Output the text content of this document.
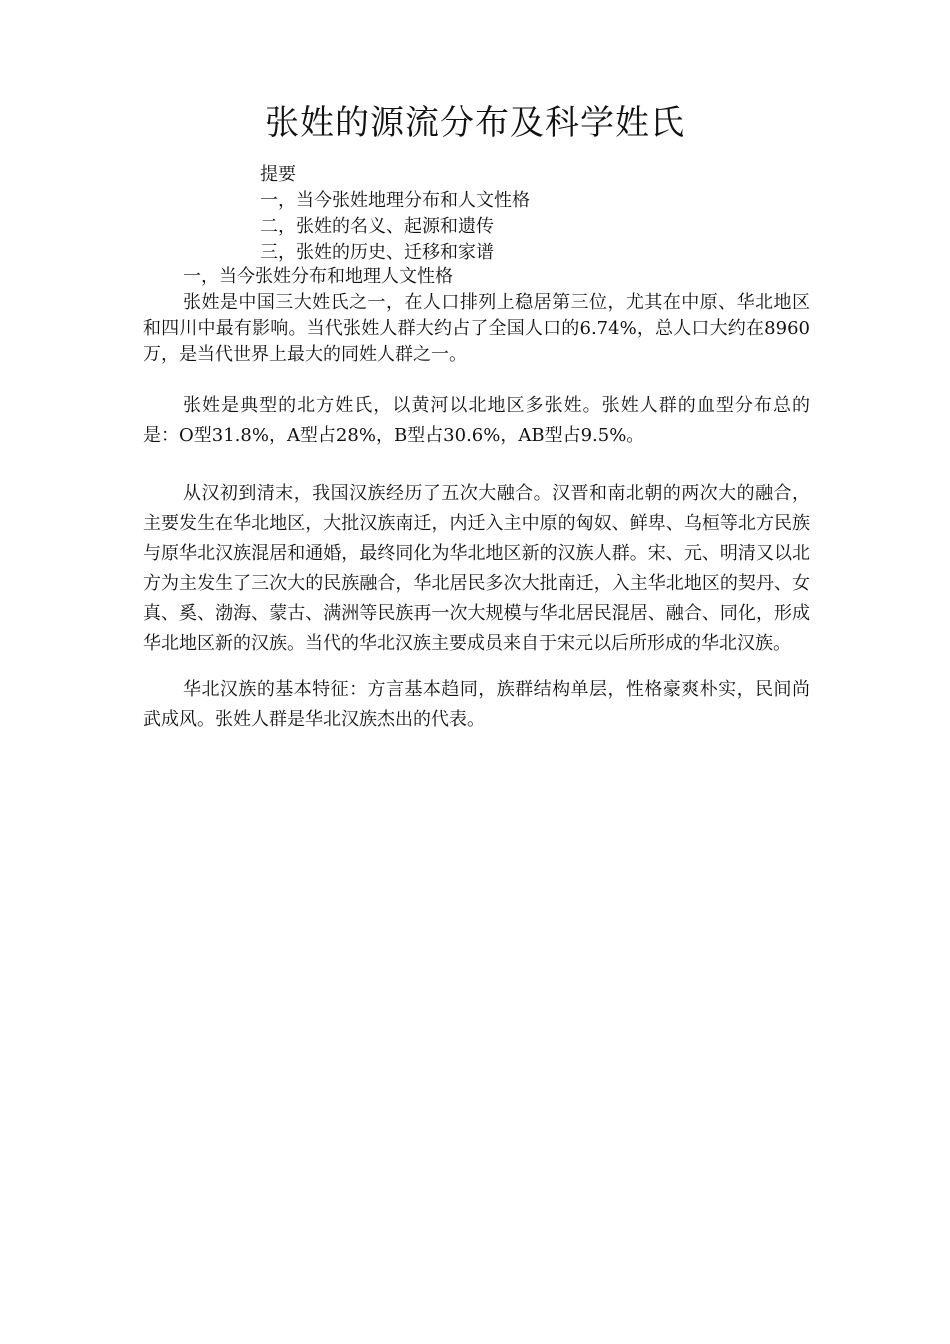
张姓的源流分布及科学姓氏
提要
一，当今张姓地理分布和人文性格
二，张姓的名义、起源和遗传
三，张姓的历史、迁移和家谱
一，当今张姓分布和地理人文性格

张姓是中国三大姓氏之一，在人口排列上稳居第三位，尤其在中原、华北地区和四川中最有影响。当代张姓人群大约占了全国人口的6.74%，总人口大约在8960万，是当代世界上最大的同姓人群之一。

张姓是典型的北方姓氏，以黄河以北地区多张姓。张姓人群的血型分布总的是：O型31.8%，A型占28%，B型占30.6%，AB型占9.5%。

从汉初到清末，我国汉族经历了五次大融合。汉晋和南北朝的两次大的融合，主要发生在华北地区，大批汉族南迁，内迁入主中原的匈奴、鲜卑、乌桓等北方民族与原华北汉族混居和通婚，最终同化为华北地区新的汉族人群。宋、元、明清又以北方为主发生了三次大的民族融合，华北居民多次大批南迁，入主华北地区的契丹、女真、奚、渤海、蒙古、满洲等民族再一次大规模与华北居民混居、融合、同化，形成华北地区新的汉族。当代的华北汉族主要成员来自于宋元以后所形成的华北汉族。

华北汉族的基本特征：方言基本趋同，族群结构单层，性格豪爽朴实，民间尚武成风。张姓人群是华北汉族杰出的代表。
